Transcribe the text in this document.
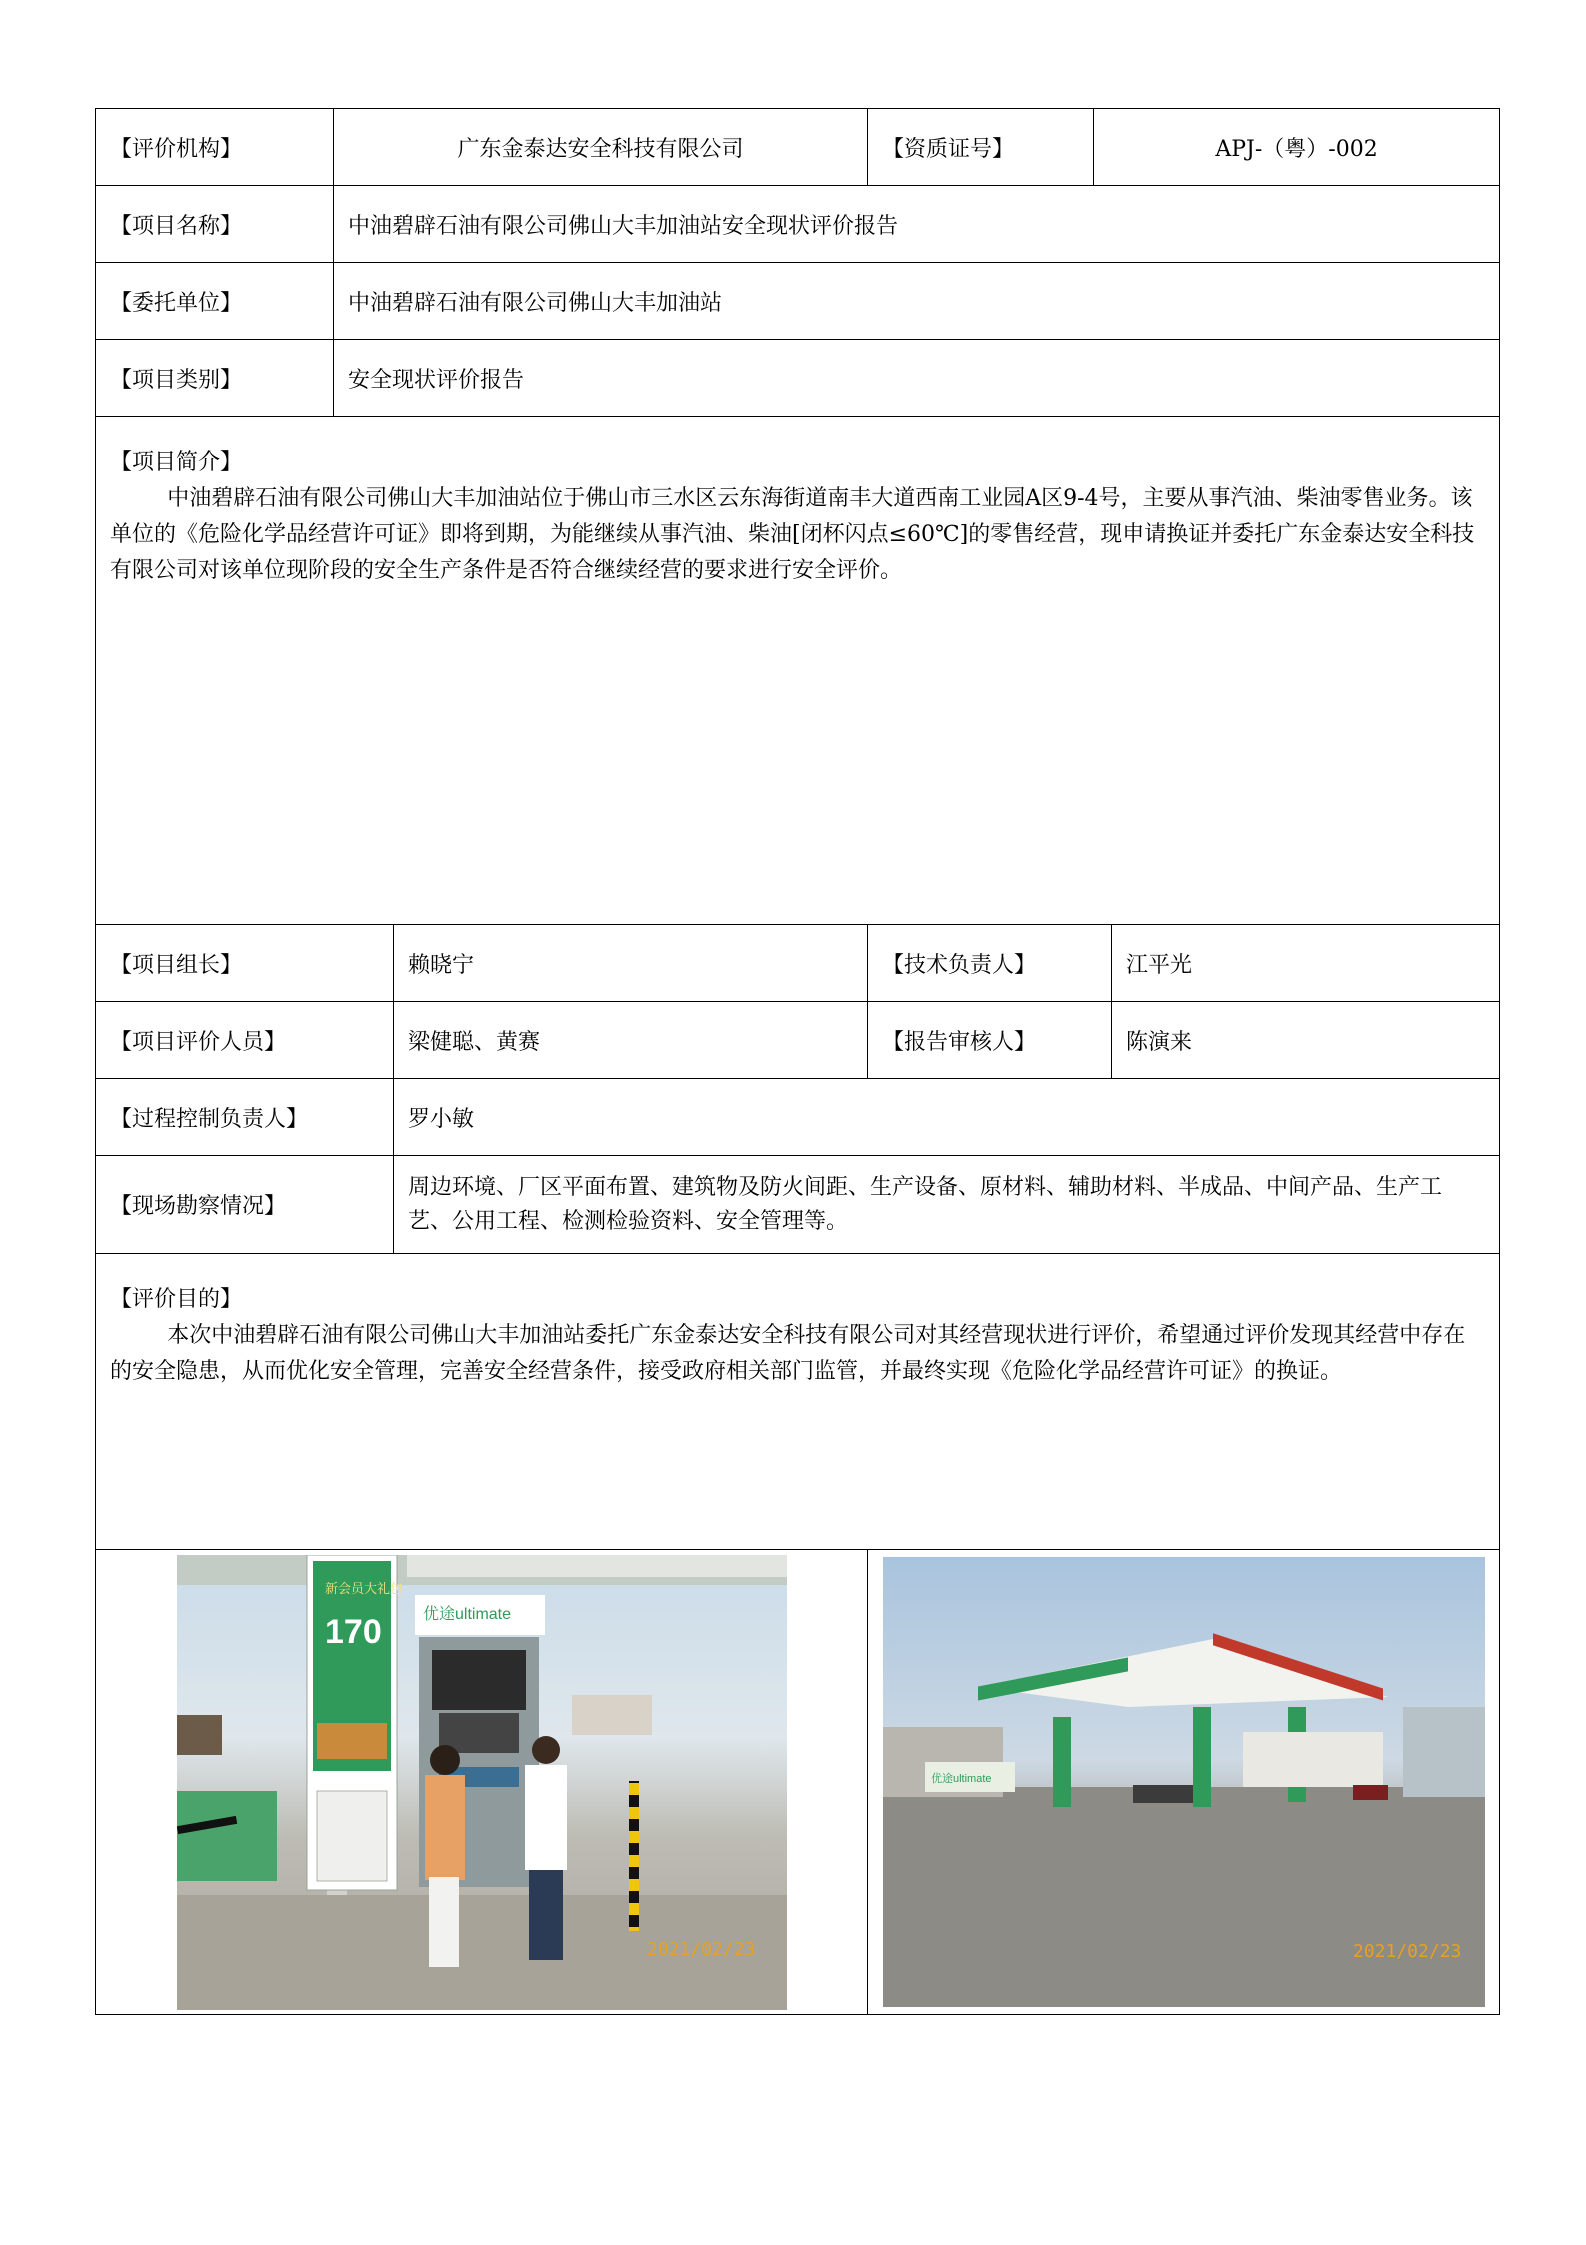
【评价机构】	广东金泰达安全科技有限公司		【资质证号】	APJ-（粤）-002	
【项目名称】	中油碧辟石油有限公司佛山大丰加油站安全现状评价报告				
【委托单位】	中油碧辟石油有限公司佛山大丰加油站				
【项目类别】	安全现状评价报告				

【项目简介】

中油碧辟石油有限公司佛山大丰加油站位于佛山市三水区云东海街道南丰大道西南工业园A区9-4号，主要从事汽油、柴油零售业务。该单位的《危险化学品经营许可证》即将到期，为能继续从事汽油、柴油[闭杯闪点≤60℃]的零售经营，现申请换证并委托广东金泰达安全科技有限公司对该单位现阶段的安全生产条件是否符合继续经营的要求进行安全评价。					

【项目组长】		赖晓宁	【技术负责人】		江平光
【项目评价人员】		梁健聪、黄赛	【报告审核人】		陈演来
【过程控制负责人】		罗小敏			
【现场勘察情况】		周边环境、厂区平面布置、建筑物及防火间距、生产设备、原材料、辅助材料、半成品、中间产品、生产工艺、公用工程、检测检验资料、安全管理等。			

【评价目的】

本次中油碧辟石油有限公司佛山大丰加油站委托广东金泰达安全科技有限公司对其经营现状进行评价，希望通过评价发现其经营中存在的安全隐患，从而优化安全管理，完善安全经营条件，接受政府相关部门监管，并最终实现《危险化学品经营许可证》的换证。					

新会员大礼包
170 优途ultimate
2021/02/23			优途ultimate
2021/02/23		
